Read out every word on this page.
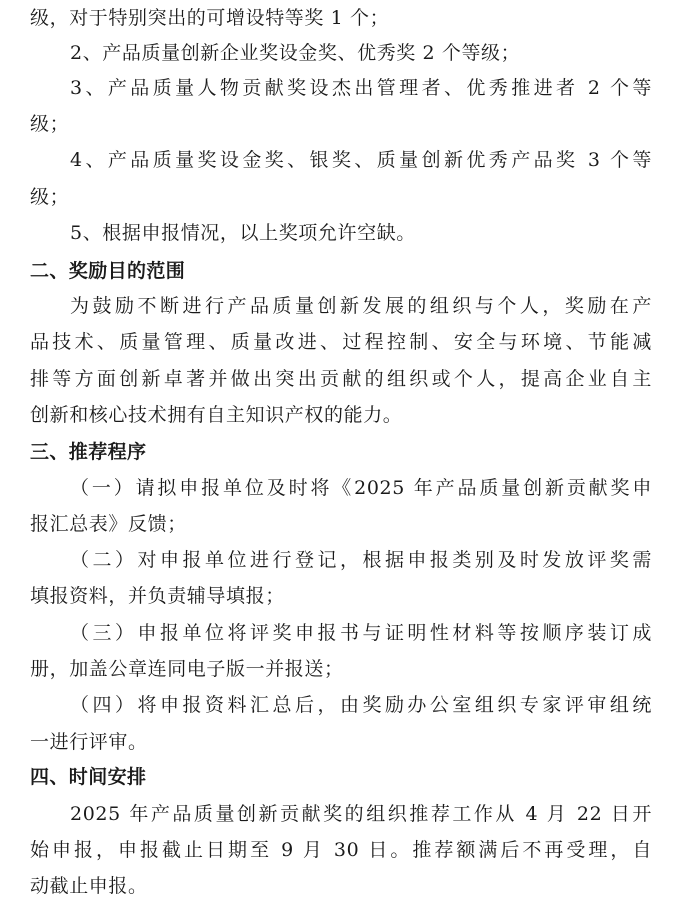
级，对于特别突出的可增设特等奖 1 个；
2、产品质量创新企业奖设金奖、优秀奖 2 个等级；
3、产品质量人物贡献奖设杰出管理者、优秀推进者 2 个等
级；
4、产品质量奖设金奖、银奖、质量创新优秀产品奖 3 个等
级；
5、根据申报情况，以上奖项允许空缺。
二、奖励目的范围
为鼓励不断进行产品质量创新发展的组织与个人，奖励在产
品技术、质量管理、质量改进、过程控制、安全与环境、节能减
排等方面创新卓著并做出突出贡献的组织或个人，提高企业自主
创新和核心技术拥有自主知识产权的能力。
三、推荐程序
（一）请拟申报单位及时将《2025 年产品质量创新贡献奖申
报汇总表》反馈；
（二）对申报单位进行登记，根据申报类别及时发放评奖需
填报资料，并负责辅导填报；
（三）申报单位将评奖申报书与证明性材料等按顺序装订成
册，加盖公章连同电子版一并报送；
（四）将申报资料汇总后，由奖励办公室组织专家评审组统
一进行评审。
四、时间安排
2025 年产品质量创新贡献奖的组织推荐工作从 4 月 22 日开
始申报，申报截止日期至 9 月 30 日。推荐额满后不再受理，自
动截止申报。
